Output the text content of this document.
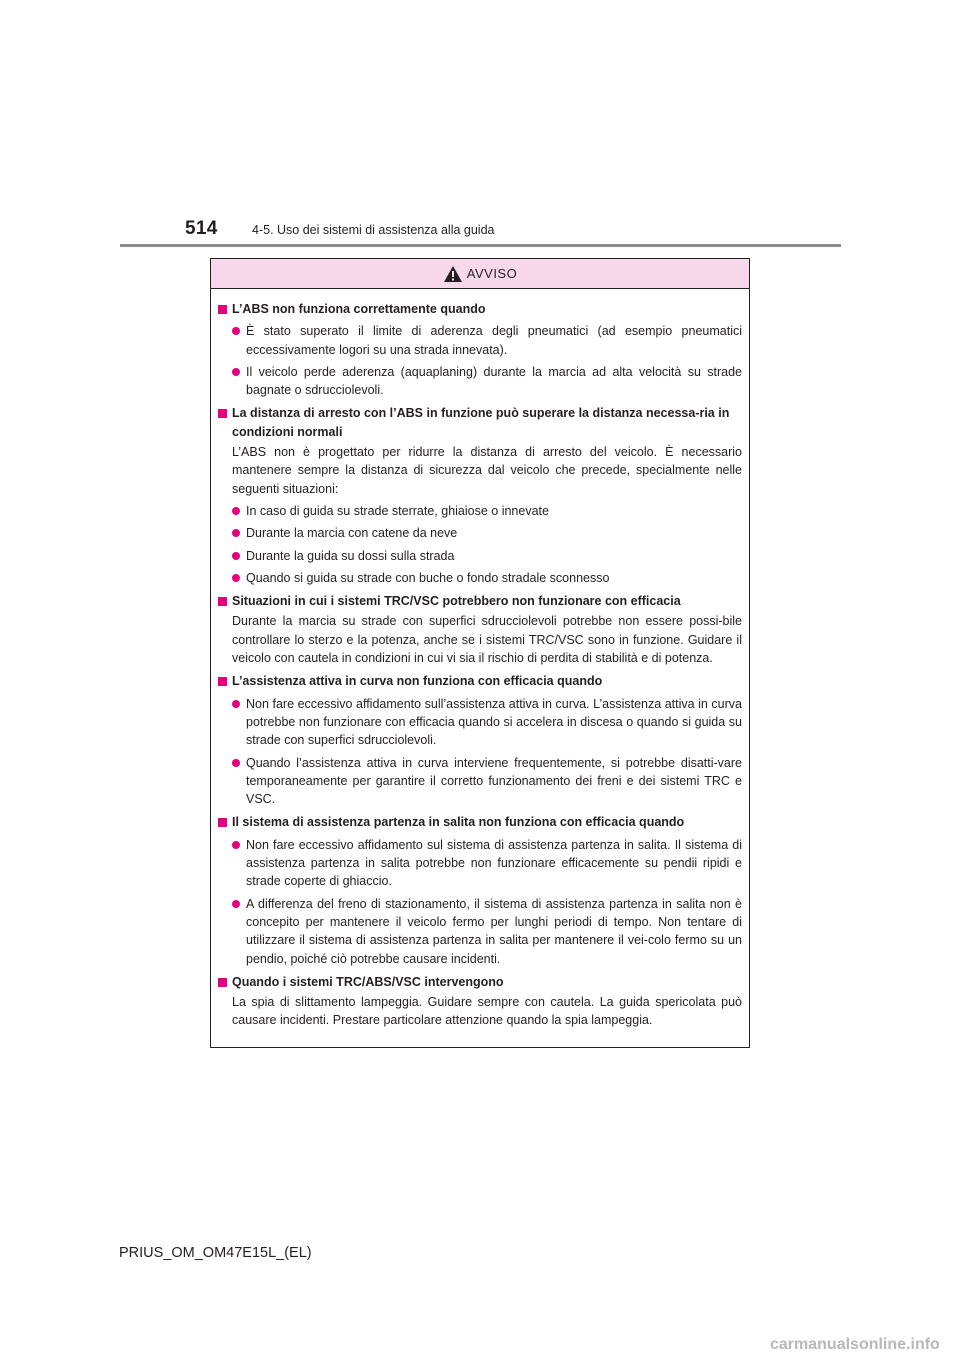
514	4-5. Uso dei sistemi di assistenza alla guida
AVVISO
L’ABS non funziona correttamente quando
È stato superato il limite di aderenza degli pneumatici (ad esempio pneumatici eccessivamente logori su una strada innevata).
Il veicolo perde aderenza (aquaplaning) durante la marcia ad alta velocità su strade bagnate o sdrucciolevoli.
La distanza di arresto con l’ABS in funzione può superare la distanza necessa-ria in condizioni normali
L’ABS non è progettato per ridurre la distanza di arresto del veicolo. È necessario mantenere sempre la distanza di sicurezza dal veicolo che precede, specialmente nelle seguenti situazioni:
In caso di guida su strade sterrate, ghiaiose o innevate
Durante la marcia con catene da neve
Durante la guida su dossi sulla strada
Quando si guida su strade con buche o fondo stradale sconnesso
Situazioni in cui i sistemi TRC/VSC potrebbero non funzionare con efficacia
Durante la marcia su strade con superfici sdrucciolevoli potrebbe non essere possi-bile controllare lo sterzo e la potenza, anche se i sistemi TRC/VSC sono in funzione. Guidare il veicolo con cautela in condizioni in cui vi sia il rischio di perdita di stabilità e di potenza.
L’assistenza attiva in curva non funziona con efficacia quando
Non fare eccessivo affidamento sull’assistenza attiva in curva. L’assistenza attiva in curva potrebbe non funzionare con efficacia quando si accelera in discesa o quando si guida su strade con superfici sdrucciolevoli.
Quando l’assistenza attiva in curva interviene frequentemente, si potrebbe disatti-vare temporaneamente per garantire il corretto funzionamento dei freni e dei sistemi TRC e VSC.
Il sistema di assistenza partenza in salita non funziona con efficacia quando
Non fare eccessivo affidamento sul sistema di assistenza partenza in salita. Il sistema di assistenza partenza in salita potrebbe non funzionare efficacemente su pendii ripidi e strade coperte di ghiaccio.
A differenza del freno di stazionamento, il sistema di assistenza partenza in salita non è concepito per mantenere il veicolo fermo per lunghi periodi di tempo. Non tentare di utilizzare il sistema di assistenza partenza in salita per mantenere il vei-colo fermo su un pendio, poiché ciò potrebbe causare incidenti.
Quando i sistemi TRC/ABS/VSC intervengono
La spia di slittamento lampeggia. Guidare sempre con cautela. La guida spericolata può causare incidenti. Prestare particolare attenzione quando la spia lampeggia.
PRIUS_OM_OM47E15L_(EL)
carmanualsonline.info
